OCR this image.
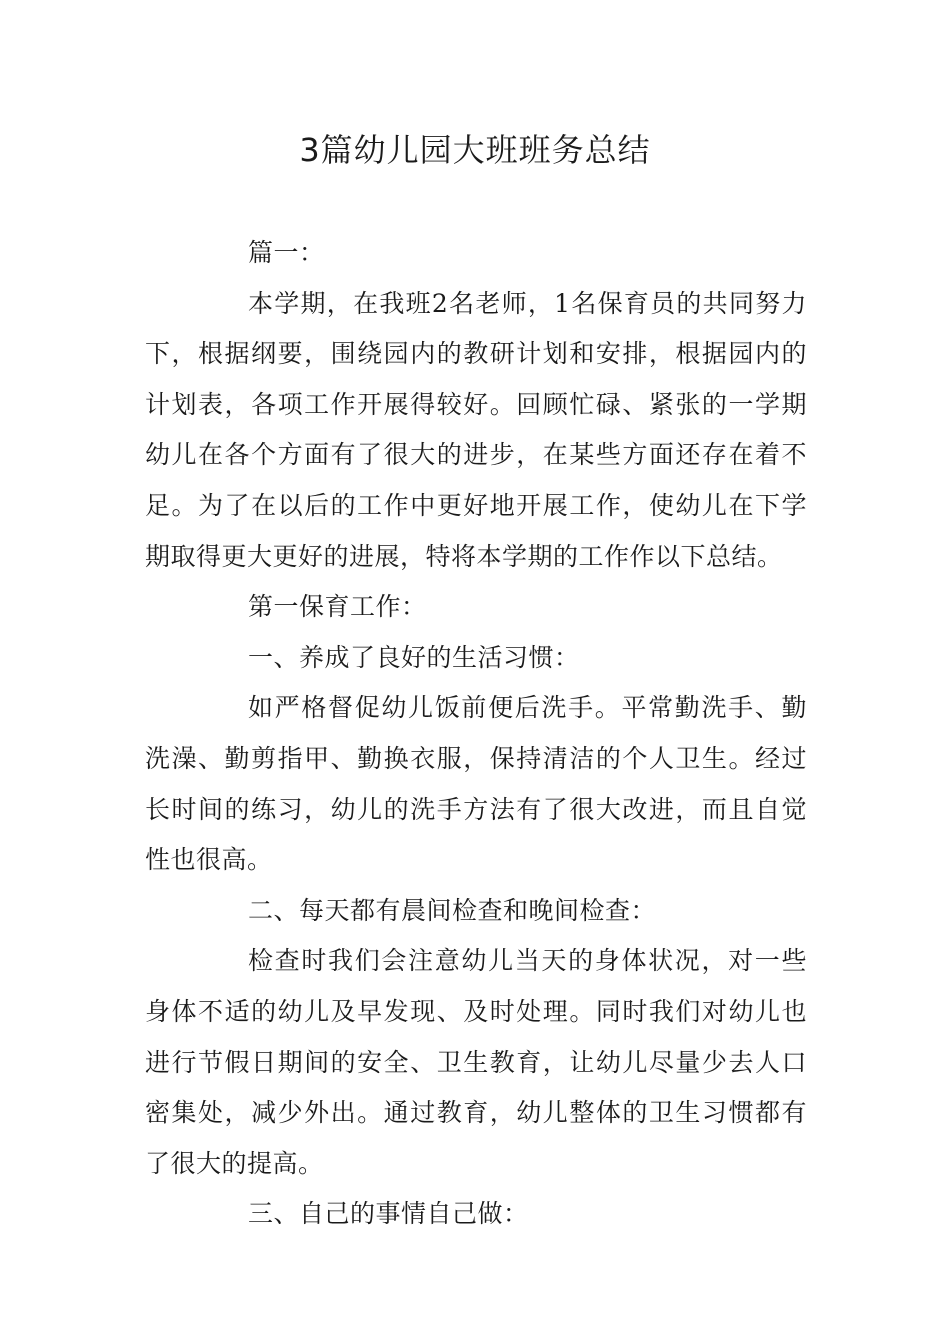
3篇幼儿园大班班务总结

篇一：

本学期，在我班2名老师，1名保育员的共同努力下，根据纲要，围绕园内的教研计划和安排，根据园内的计划表，各项工作开展得较好。回顾忙碌、紧张的一学期幼儿在各个方面有了很大的进步，在某些方面还存在着不足。为了在以后的工作中更好地开展工作，使幼儿在下学期取得更大更好的进展，特将本学期的工作作以下总结。

第一保育工作：

一、养成了良好的生活习惯：

如严格督促幼儿饭前便后洗手。平常勤洗手、勤洗澡、勤剪指甲、勤换衣服，保持清洁的个人卫生。经过长时间的练习，幼儿的洗手方法有了很大改进，而且自觉性也很高。

二、每天都有晨间检查和晚间检查：

检查时我们会注意幼儿当天的身体状况，对一些身体不适的幼儿及早发现、及时处理。同时我们对幼儿也进行节假日期间的安全、卫生教育，让幼儿尽量少去人口密集处，减少外出。通过教育，幼儿整体的卫生习惯都有了很大的提高。

三、自己的事情自己做：
